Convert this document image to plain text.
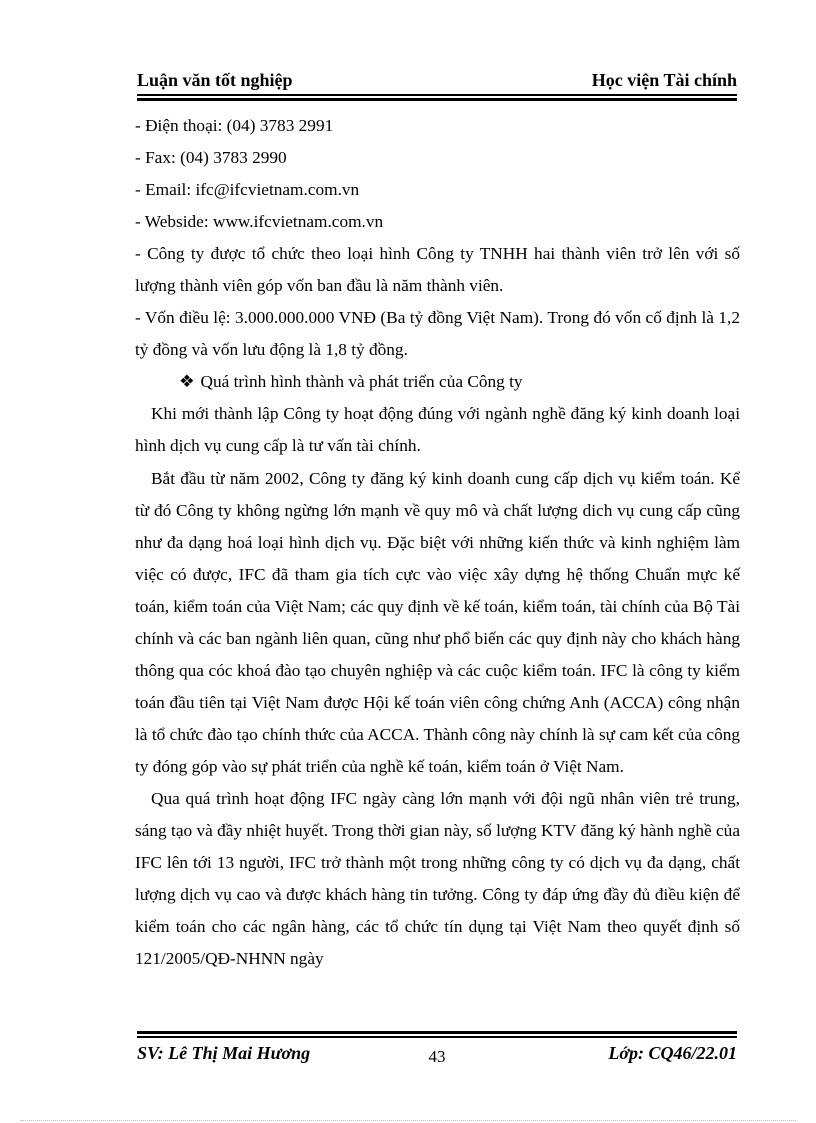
Luận văn tốt nghiệp	Học viện Tài chính

- Điện thoại: (04) 3783 2991

- Fax: (04) 3783 2990

- Email: ifc@ifcvietnam.com.vn

- Webside: www.ifcvietnam.com.vn

- Công ty được tổ chức theo loại hình Công ty TNHH hai thành viên trở lên với số lượng thành viên góp vốn ban đầu là năm thành viên.

- Vốn điều lệ: 3.000.000.000 VNĐ (Ba tỷ đồng Việt Nam). Trong đó vốn cố định là 1,2 tỷ đồng và vốn lưu động là 1,8 tỷ đồng.

❖ Quá trình hình thành và phát triển của Công ty

Khi mới thành lập Công ty hoạt động đúng với ngành nghề đăng ký kinh doanh loại hình dịch vụ cung cấp là tư vấn tài chính.

Bắt đầu từ năm 2002, Công ty đăng ký kinh doanh cung cấp dịch vụ kiểm toán. Kể từ đó Công ty không ngừng lớn mạnh về quy mô và chất lượng dich vụ cung cấp cũng như đa dạng hoá loại hình dịch vụ. Đặc biệt với những kiến thức và kinh nghiệm làm việc có được, IFC đã tham gia tích cực vào việc xây dựng hệ thống Chuẩn mực kế toán, kiểm toán của Việt Nam; các quy định về kế toán, kiểm toán, tài chính của Bộ Tài chính và các ban ngành liên quan, cũng như phổ biến các quy định này cho khách hàng thông qua cóc khoá đào tạo chuyên nghiệp và các cuộc kiểm toán. IFC là công ty kiểm toán đầu tiên tại Việt Nam được Hội kế toán viên công chứng Anh (ACCA) công nhận là tổ chức đào tạo chính thức của ACCA. Thành công này chính là sự cam kết của công ty đóng góp vào sự phát triển của nghề kế toán, kiểm toán ở Việt Nam.

Qua quá trình hoạt động IFC ngày càng lớn mạnh với đội ngũ nhân viên trẻ trung, sáng tạo và đầy nhiệt huyết. Trong thời gian này, số lượng KTV đăng ký hành nghề của IFC lên tới 13 người, IFC trở thành một trong những công ty có dịch vụ đa dạng, chất lượng dịch vụ cao và được khách hàng tin tưởng. Công ty đáp ứng đầy đủ điều kiện để kiểm toán cho các ngân hàng, các tổ chức tín dụng tại Việt Nam theo quyết định số 121/2005/QĐ-NHNN ngày

SV: Lê Thị Mai Hương	43	Lớp: CQ46/22.01
